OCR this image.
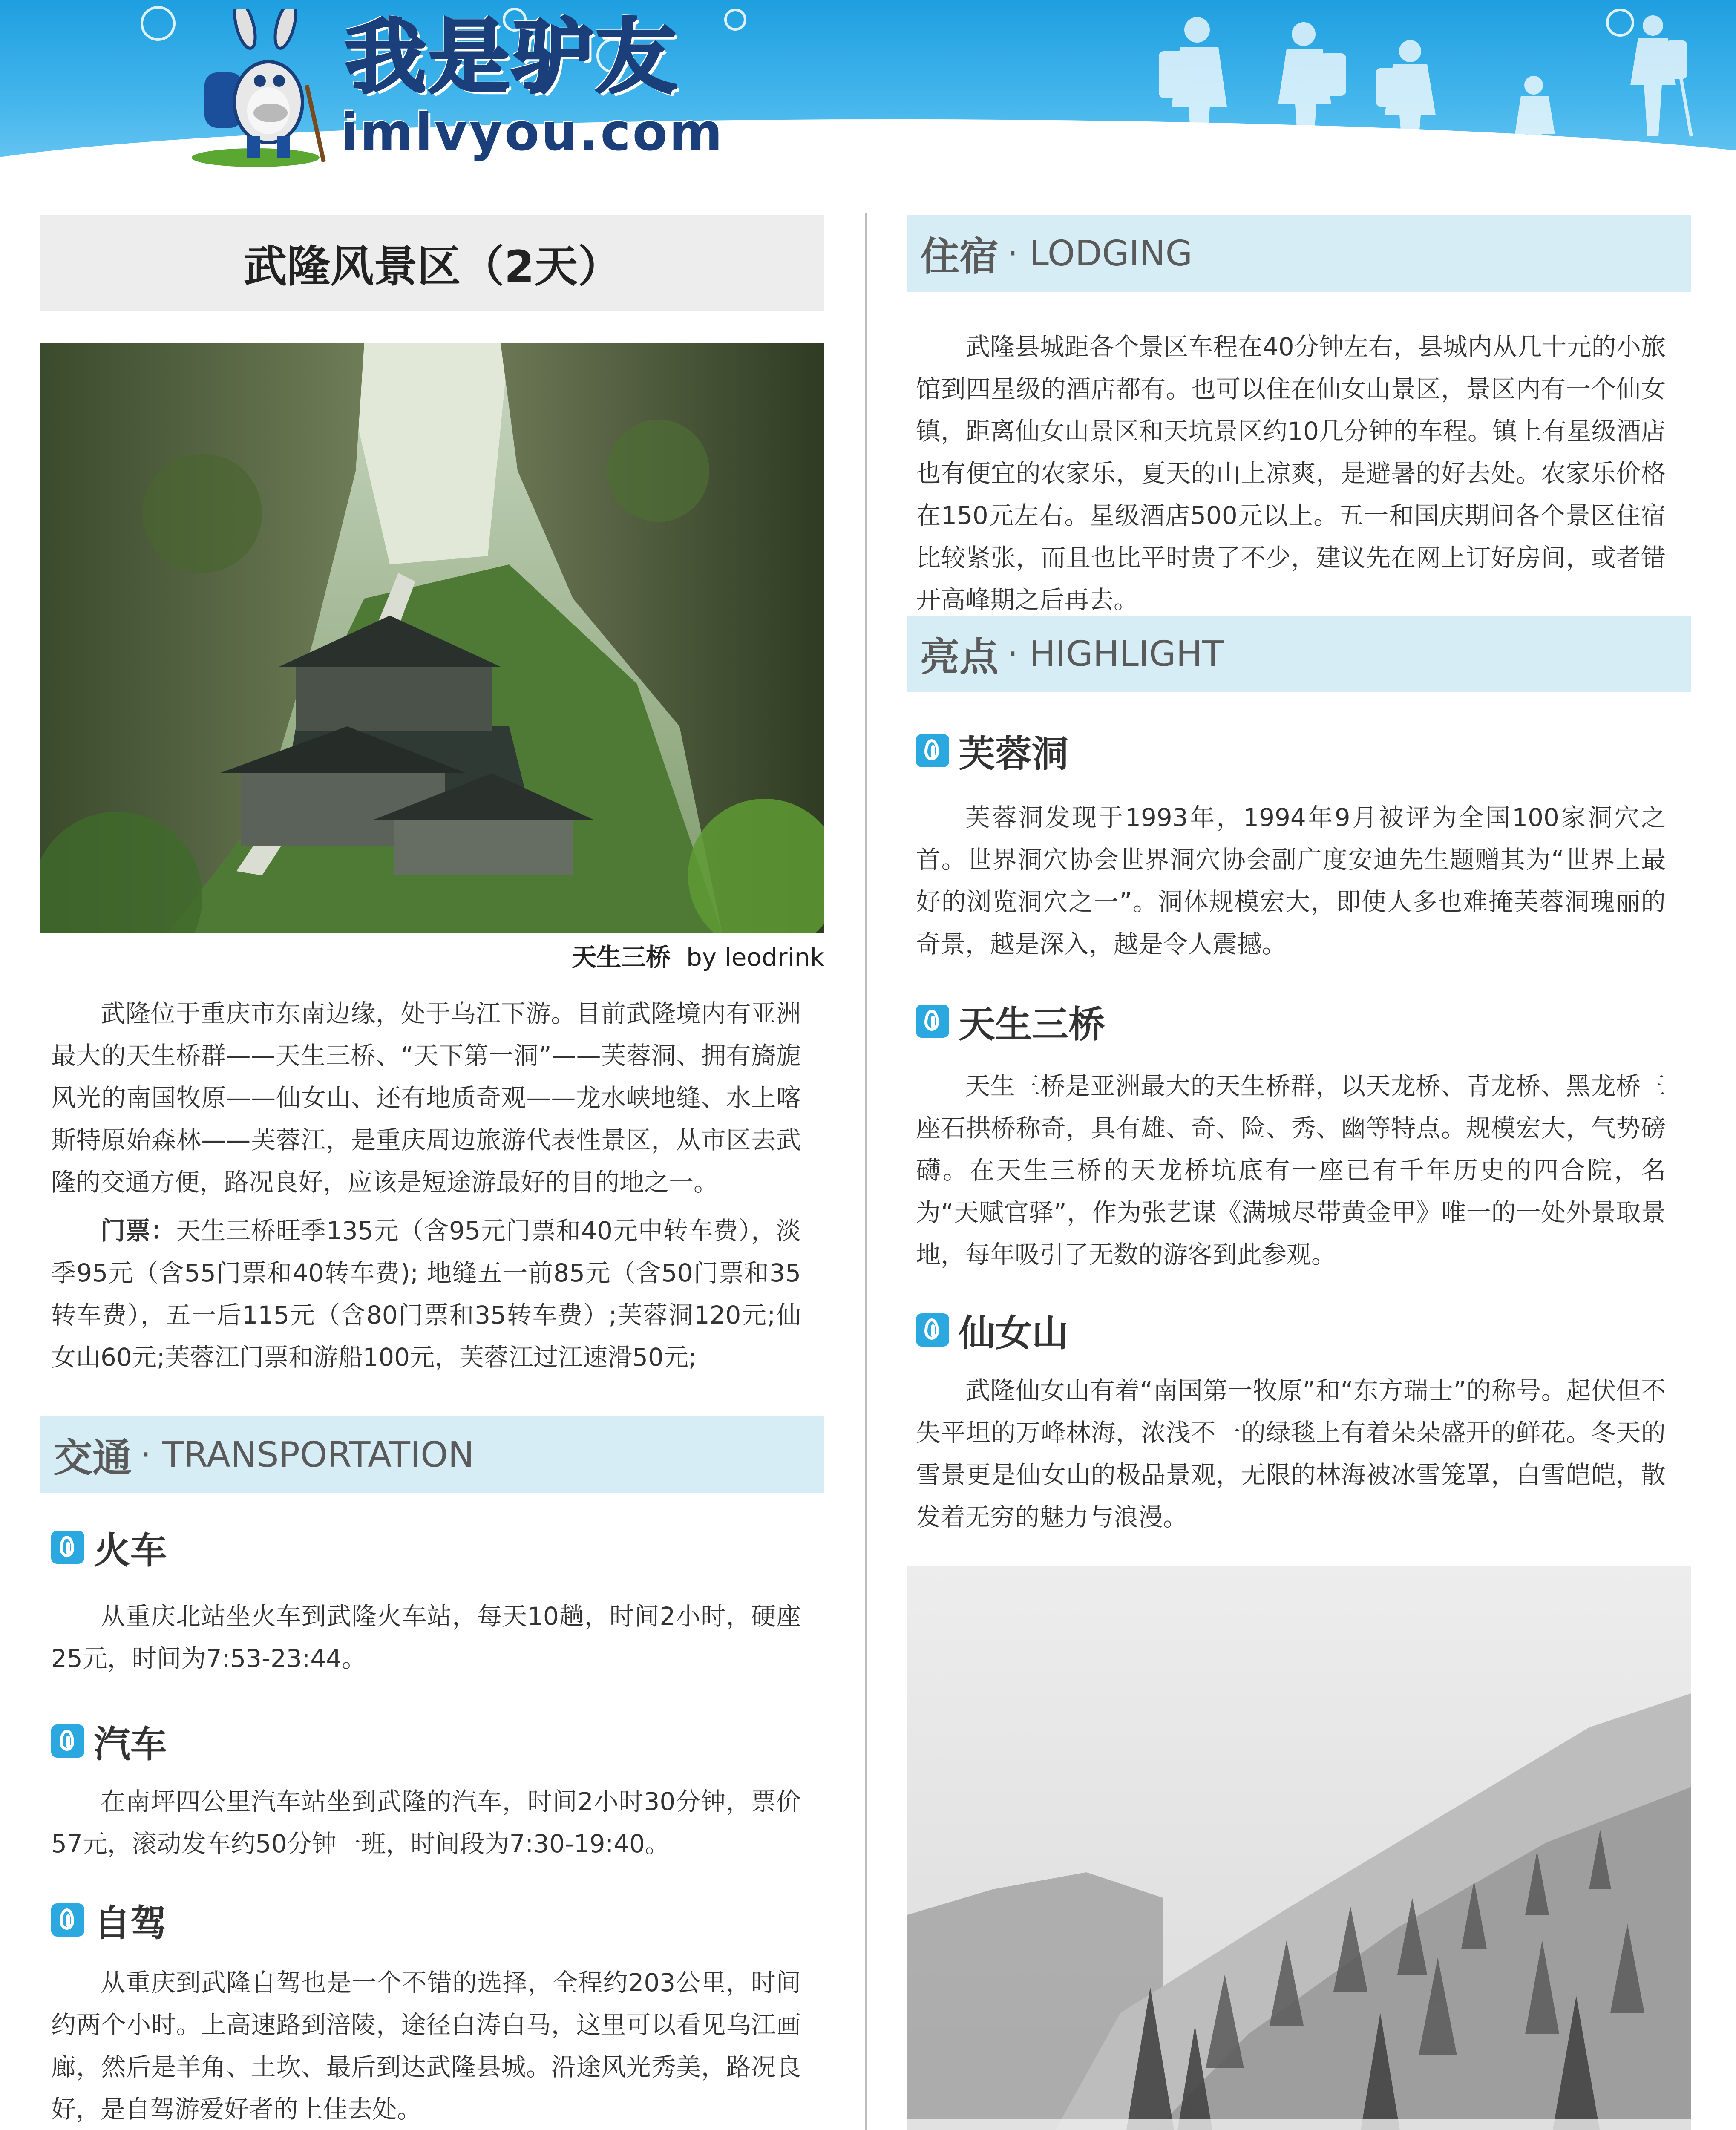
我是驴友
imlvyou.com
武隆风景区（2天）
天生三桥 by leodrink

武隆位于重庆市东南边缘，处于乌江下游。目前武隆境内有亚洲最大的天生桥群——天生三桥、“天下第一洞”——芙蓉洞、拥有旖旎风光的南国牧原——仙女山、还有地质奇观——龙水峡地缝、水上喀斯特原始森林——芙蓉江，是重庆周边旅游代表性景区，从市区去武隆的交通方便，路况良好，应该是短途游最好的目的地之一。

门票：天生三桥旺季135元（含95元门票和40元中转车费），淡季95元（含55门票和40转车费); 地缝五一前85元（含50门票和35转车费），五一后115元（含80门票和35转车费）;芙蓉洞120元;仙女山60元;芙蓉江门票和游船100元，芙蓉江过江速滑50元;

交通 · TRANSPORTATION
火车

从重庆北站坐火车到武隆火车站，每天10趟，时间2小时，硬座25元，时间为7:53-23:44。

汽车

在南坪四公里汽车站坐到武隆的汽车，时间2小时30分钟，票价57元，滚动发车约50分钟一班，时间段为7:30-19:40。

自驾

从重庆到武隆自驾也是一个不错的选择，全程约203公里，时间约两个小时。上高速路到涪陵，途径白涛白马，这里可以看见乌江画廊，然后是羊角、土坎、最后到达武隆县城。沿途风光秀美，路况良好，是自驾游爱好者的上佳去处。

住宿 · LODGING

武隆县城距各个景区车程在40分钟左右，县城内从几十元的小旅馆到四星级的酒店都有。也可以住在仙女山景区，景区内有一个仙女镇，距离仙女山景区和天坑景区约10几分钟的车程。镇上有星级酒店也有便宜的农家乐，夏天的山上凉爽，是避暑的好去处。农家乐价格在150元左右。星级酒店500元以上。五一和国庆期间各个景区住宿比较紧张，而且也比平时贵了不少，建议先在网上订好房间，或者错开高峰期之后再去。

亮点 · HIGHLIGHT
芙蓉洞

芙蓉洞发现于1993年，1994年9月被评为全国100家洞穴之首。世界洞穴协会世界洞穴协会副广度安迪先生题赠其为“世界上最好的浏览洞穴之一”。洞体规模宏大，即使人多也难掩芙蓉洞瑰丽的奇景，越是深入，越是令人震撼。

天生三桥

天生三桥是亚洲最大的天生桥群，以天龙桥、青龙桥、黑龙桥三座石拱桥称奇，具有雄、奇、险、秀、幽等特点。规模宏大，气势磅礴。在天生三桥的天龙桥坑底有一座已有千年历史的四合院，名为“天赋官驿”，作为张艺谋《满城尽带黄金甲》唯一的一处外景取景地，每年吸引了无数的游客到此参观。

仙女山

武隆仙女山有着“南国第一牧原”和“东方瑞士”的称号。起伏但不失平坦的万峰林海，浓浅不一的绿毯上有着朵朵盛开的鲜花。冬天的雪景更是仙女山的极品景观，无限的林海被冰雪笼罩，白雪皑皑，散发着无穷的魅力与浪漫。
